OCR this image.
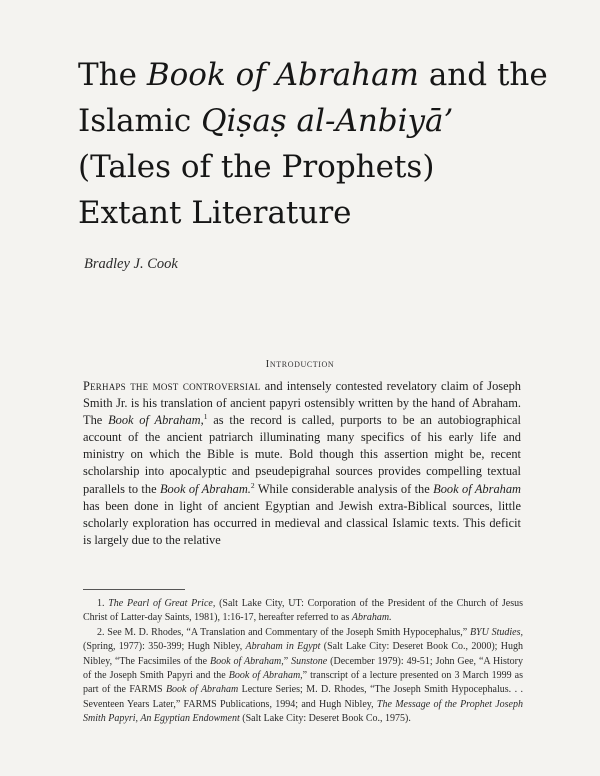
The Book of Abraham and the
Islamic Qiṣaṣ al-Anbiyā’
(Tales of the Prophets)
Extant Literature
Bradley J. Cook
Introduction

Perhaps the most controversial and intensely contested revelatory claim of Joseph Smith Jr. is his translation of ancient papyri ostensibly written by the hand of Abraham. The Book of Abraham,$^1$ as the record is called, purports to be an autobiographical account of the ancient patriarch illuminating many specifics of his early life and ministry on which the Bible is mute. Bold though this assertion might be, recent scholarship into apocalyptic and pseudepigrahal sources provides compelling textual parallels to the Book of Abraham.$^2$ While considerable analysis of the Book of Abraham has been done in light of ancient Egyptian and Jewish extra-Biblical sources, little scholarly exploration has occurred in medieval and classical Islamic texts. This deficit is largely due to the relative

1. The Pearl of Great Price, (Salt Lake City, UT: Corporation of the President of the Church of Jesus Christ of Latter-day Saints, 1981), 1:16-17, hereafter referred to as Abraham.

2. See M. D. Rhodes, “A Translation and Commentary of the Joseph Smith Hypocephalus,” BYU Studies, (Spring, 1977): 350-399; Hugh Nibley, Abraham in Egypt (Salt Lake City: Deseret Book Co., 2000); Hugh Nibley, “The Facsimiles of the Book of Abraham,” Sunstone (December 1979): 49-51; John Gee, “A History of the Joseph Smith Papyri and the Book of Abraham,” transcript of a lecture presented on 3 March 1999 as part of the FARMS Book of Abraham Lecture Series; M. D. Rhodes, “The Joseph Smith Hypocephalus. . . Seventeen Years Later,” FARMS Publications, 1994; and Hugh Nibley, The Message of the Prophet Joseph Smith Papyri, An Egyptian Endowment (Salt Lake City: Deseret Book Co., 1975).
